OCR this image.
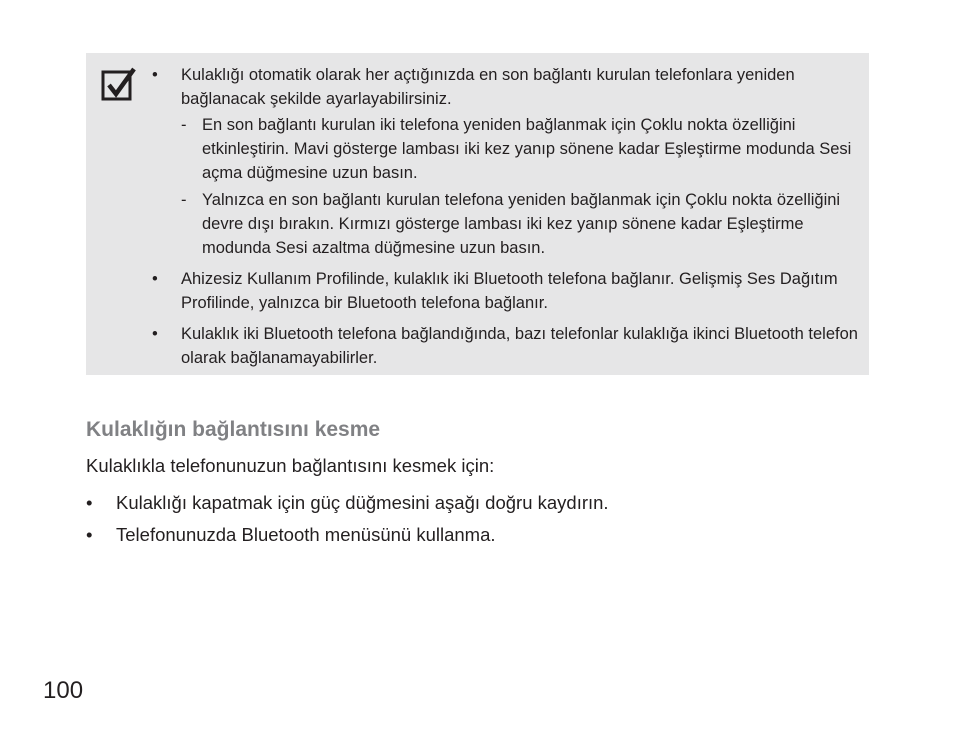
• Kulaklığı otomatik olarak her açtığınızda en son bağlantı kurulan telefonlara yeniden bağlanacak şekilde ayarlayabilirsiniz.
- En son bağlantı kurulan iki telefona yeniden bağlanmak için Çoklu nokta özelliğini etkinleştirin. Mavi gösterge lambası iki kez yanıp sönene kadar Eşleştirme modunda Sesi açma düğmesine uzun basın.
- Yalnızca en son bağlantı kurulan telefona yeniden bağlanmak için Çoklu nokta özelliğini devre dışı bırakın. Kırmızı gösterge lambası iki kez yanıp sönene kadar Eşleştirme modunda Sesi azaltma düğmesine uzun basın.
• Ahizesiz Kullanım Profilinde, kulaklık iki Bluetooth telefona bağlanır. Gelişmiş Ses Dağıtım Profilinde, yalnızca bir Bluetooth telefona bağlanır.
• Kulaklık iki Bluetooth telefona bağlandığında, bazı telefonlar kulaklığa ikinci Bluetooth telefon olarak bağlanamayabilirler.
Kulaklığın bağlantısını kesme

Kulaklıkla telefonunuzun bağlantısını kesmek için:

• Kulaklığı kapatmak için güç düğmesini aşağı doğru kaydırın.
• Telefonunuzda Bluetooth menüsünü kullanma.
100
